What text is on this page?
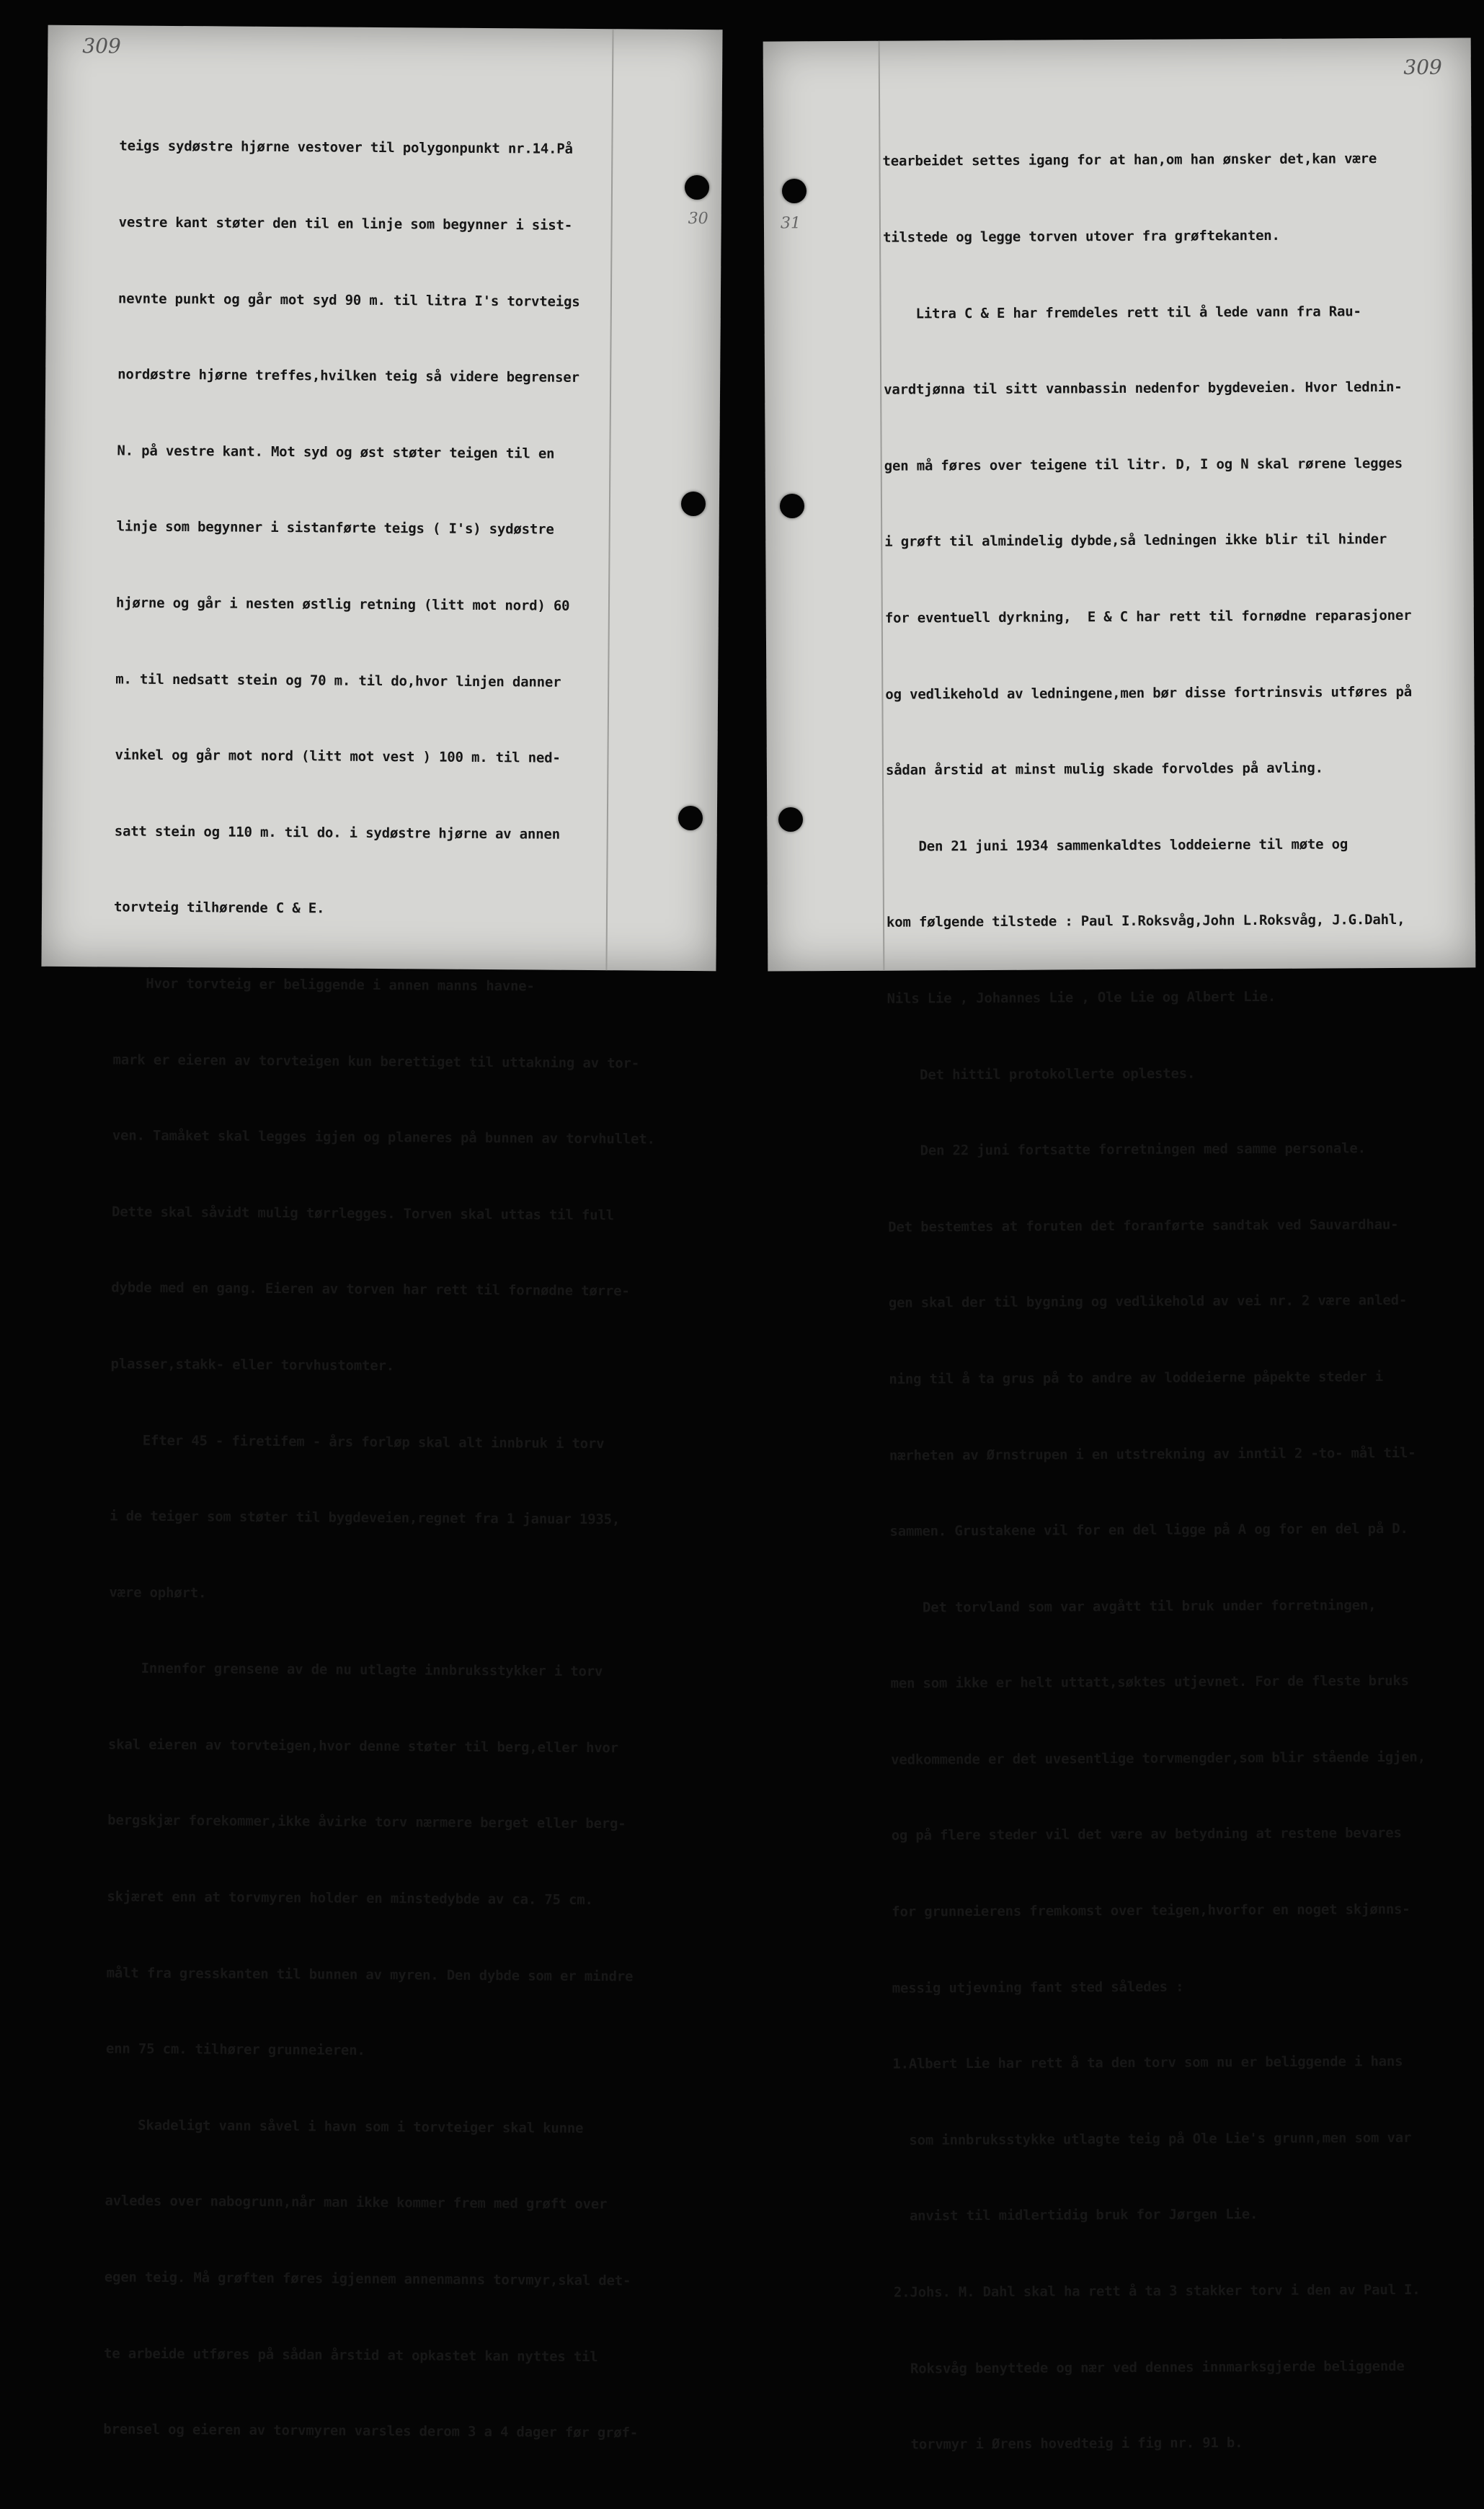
309

teigs sydøstre hjørne vestover til polygonpunkt nr.14.På

vestre kant støter den til en linje som begynner i sist-

nevnte punkt og går mot syd 90 m. til litra I's torvteigs

nordøstre hjørne treffes,hvilken teig så videre begrenser

N. på vestre kant. Mot syd og øst støter teigen til en

linje som begynner i sistanførte teigs ( I's) sydøstre

hjørne og går i nesten østlig retning (litt mot nord) 60

m. til nedsatt stein og 70 m. til do,hvor linjen danner

vinkel og går mot nord (litt mot vest ) 100 m. til ned-

satt stein og 110 m. til do. i sydøstre hjørne av annen

torvteig tilhørende C & E.

Hvor torvteig er beliggende i annen manns havne-

mark er eieren av torvteigen kun berettiget til uttakning av tor-

ven. Tamåket skal legges igjen og planeres på bunnen av torvhullet.

Dette skal såvidt mulig tørrlegges. Torven skal uttas til full

dybde med en gang. Eieren av torven har rett til fornødne tørre-

plasser,stakk- eller torvhustomter.

Efter 45 - firetifem - års forløp skal alt innbruk i torv

i de teiger som støter til bygdeveien,regnet fra 1 januar 1935,

være ophørt.

Innenfor grensene av de nu utlagte innbruksstykker i torv

skal eieren av torvteigen,hvor denne støter til berg,eller hvor

bergskjær forekommer,ikke åvirke torv nærmere berget eller berg-

skjæret enn at torvmyren holder en minstedybde av ca. 75 cm.

målt fra gresskanten til bunnen av myren. Den dybde som er mindre

enn 75 cm. tilhører grunneieren.

Skadeligt vann såvel i havn som i torvteiger skal kunne

avledes over nabogrunn,når man ikke kommer frem med grøft over

egen teig. Må grøften føres igjennem annenmanns torvmyr,skal det-

te arbeide utføres på sådan årstid at opkastet kan nyttes til

brensel og eieren av torvmyren varsles derom 3 a 4 dager før grøf-

30
309

tearbeidet settes igang for at han,om han ønsker det,kan være

tilstede og legge torven utover fra grøftekanten.

Litra C & E har fremdeles rett til å lede vann fra Rau-

vardtjønna til sitt vannbassin nedenfor bygdeveien. Hvor lednin-

gen må føres over teigene til litr. D, I og N skal rørene legges

i grøft til almindelig dybde,så ledningen ikke blir til hinder

for eventuell dyrkning,  E & C har rett til fornødne reparasjoner

og vedlikehold av ledningene,men bør disse fortrinsvis utføres på

sådan årstid at minst mulig skade forvoldes på avling.

Den 21 juni 1934 sammenkaldtes loddeierne til møte og

kom følgende tilstede : Paul I.Roksvåg,John L.Roksvåg, J.G.Dahl,

Nils Lie , Johannes Lie , Ole Lie og Albert Lie.

Det hittil protokollerte oplestes.

Den 22 juni fortsatte forretningen med samme personale.

Det bestemtes at foruten det foranførte sandtak ved Sauvardhau-

gen skal der til bygning og vedlikehold av vei nr. 2 være anled-

ning til å ta grus på to andre av loddeierne påpekte steder i

nærheten av Ørnstrupen i en utstrekning av inntil 2 -to- mål til-

sammen. Grustakene vil for en del ligge på A og for en del på D.

Det torvland som var avgått til bruk under forretningen,

men som ikke er helt uttatt,søktes utjevnet. For de fleste bruks

vedkommende er det uvesentlige torvmengder,som blir stående igjen,

og på flere steder vil det være av betydning at restene bevares

for grunneierens fremkomst over teigen,hvorfor en noget skjønns-

messig utjevning fant sted således :

1.Albert Lie har rett å ta den torv som nu er beliggende i hans

som innbruksstykke utlagte teig på Ole Lie's grunn,men som var

anvist til midlertidig bruk for Jørgen Lie.

2.Johs. M. Dahl skal ha rett å ta 3 stakker torv i den av Paul I.

Roksvåg benyttede og nær ved dennes innmarksgjerde beliggende

torvmyr i Ørens hovedteig i fig nr. 91 b.

31
